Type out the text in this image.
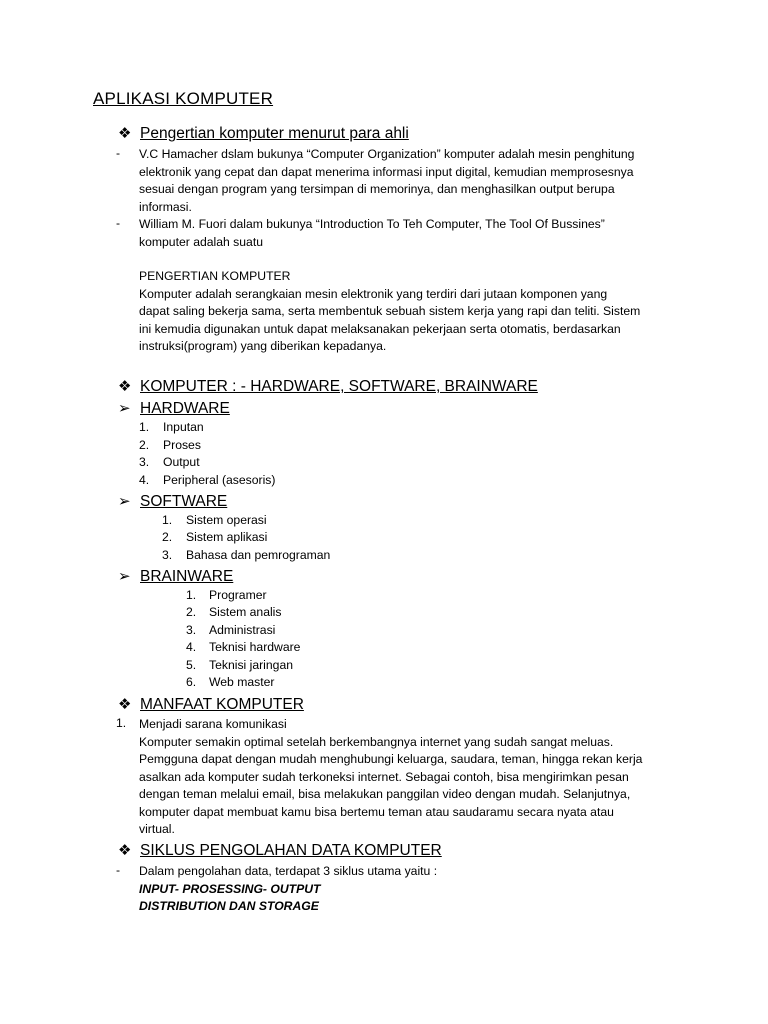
APLIKASI KOMPUTER
❖ Pengertian komputer menurut para ahli
- V.C Hamacher dslam bukunya “Computer Organization” komputer adalah mesin penghitung
elektronik yang cepat dan dapat menerima informasi input digital, kemudian memprosesnya
sesuai dengan program yang tersimpan di memorinya, dan menghasilkan output berupa
informasi.
- William M. Fuori dalam bukunya “Introduction To Teh Computer, The Tool Of Bussines”
komputer adalah suatu
PENGERTIAN KOMPUTER
Komputer adalah serangkaian mesin elektronik yang terdiri dari jutaan komponen yang
dapat saling bekerja sama, serta membentuk sebuah sistem kerja yang rapi dan teliti. Sistem
ini kemudia digunakan untuk dapat melaksanakan pekerjaan serta otomatis, berdasarkan
instruksi(program) yang diberikan kepadanya.
❖ KOMPUTER : - HARDWARE, SOFTWARE, BRAINWARE
➢ HARDWARE
1. Inputan
2. Proses
3. Output
4. Peripheral (asesoris)
➢ SOFTWARE
1. Sistem operasi
2. Sistem aplikasi
3. Bahasa dan pemrograman
➢ BRAINWARE
1. Programer
2. Sistem analis
3. Administrasi
4. Teknisi hardware
5. Teknisi jaringan
6. Web master
❖ MANFAAT KOMPUTER
1. Menjadi sarana komunikasi
Komputer semakin optimal setelah berkembangnya internet yang sudah sangat meluas.
Pemgguna dapat dengan mudah menghubungi keluarga, saudara, teman, hingga rekan kerja
asalkan ada komputer sudah terkoneksi internet. Sebagai contoh, bisa mengirimkan pesan
dengan teman melalui email, bisa melakukan panggilan video dengan mudah. Selanjutnya,
komputer dapat membuat kamu bisa bertemu teman atau saudaramu secara nyata atau
virtual.
❖ SIKLUS PENGOLAHAN DATA KOMPUTER
- Dalam pengolahan data, terdapat 3 siklus utama yaitu :
INPUT- PROSESSING- OUTPUT
DISTRIBUTION DAN STORAGE
